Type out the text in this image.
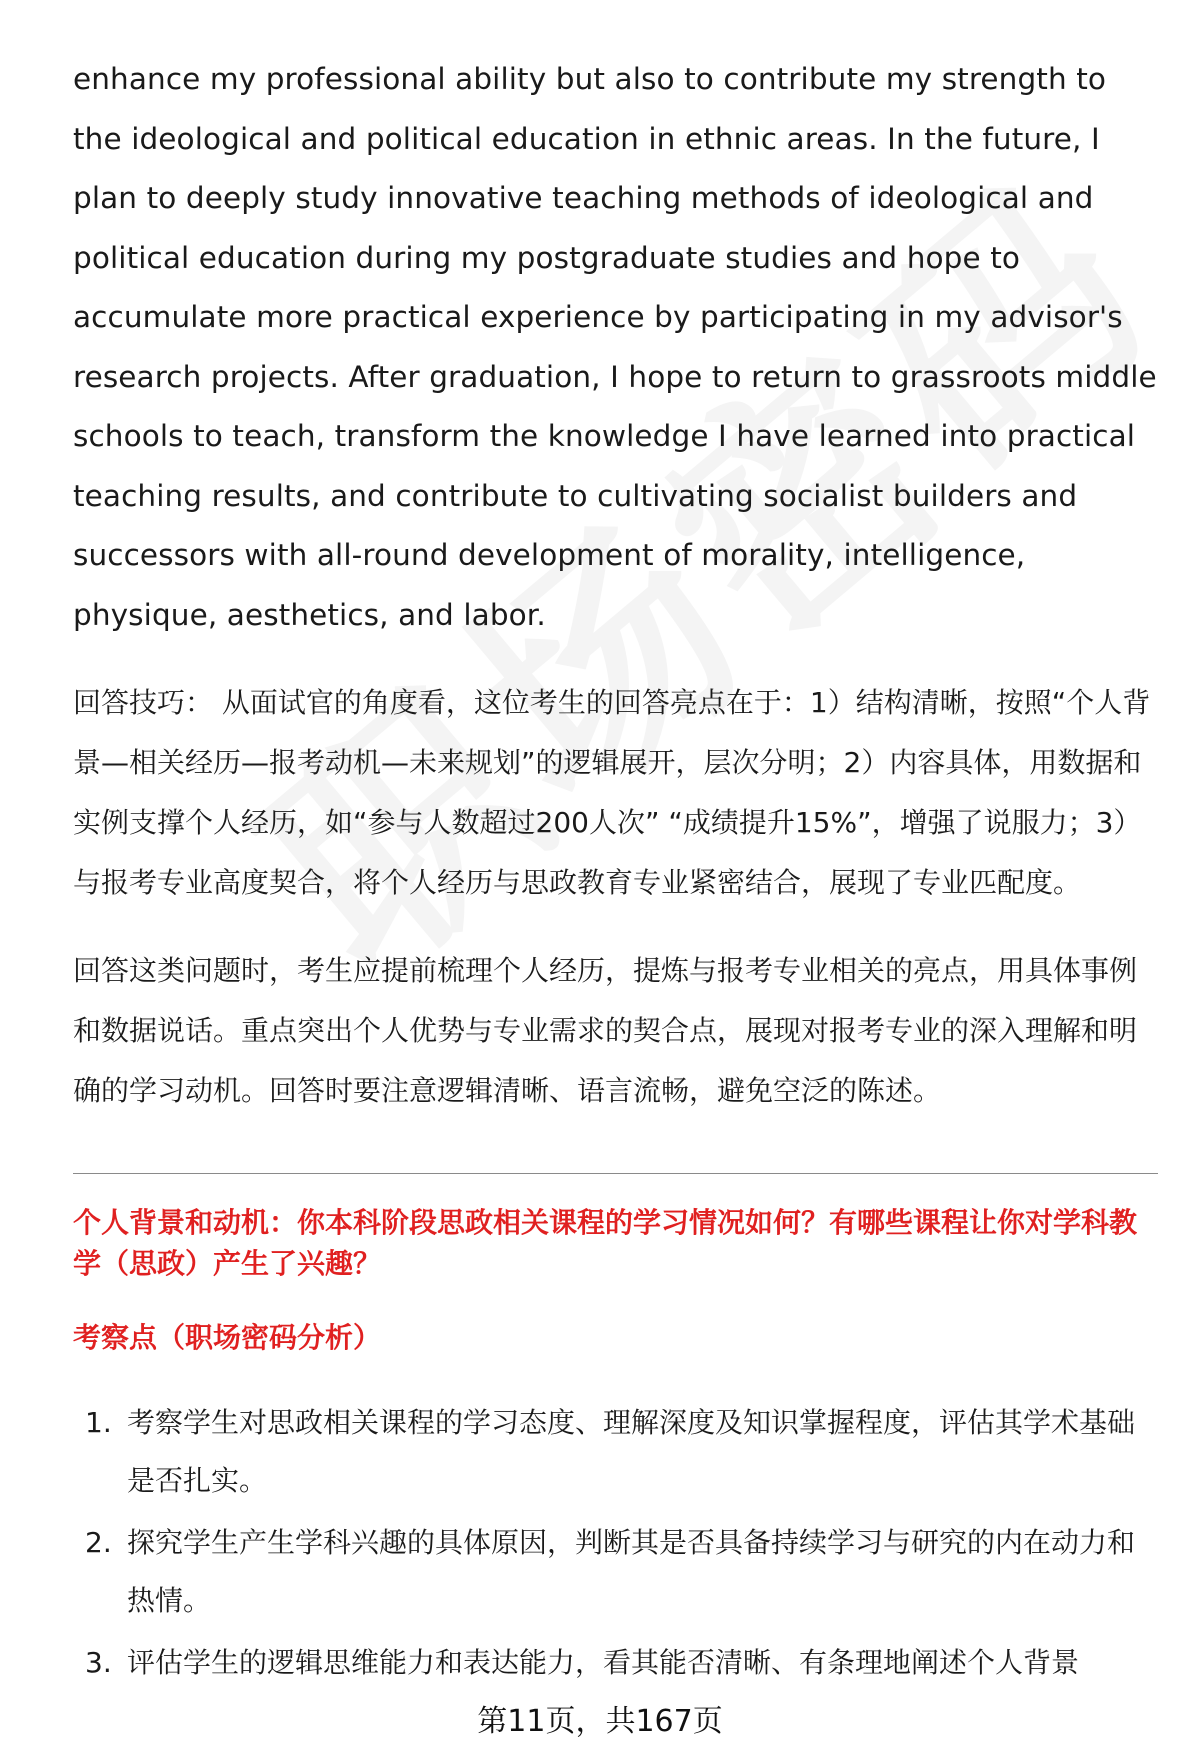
enhance my professional ability but also to contribute my strength to the ideological and political education in ethnic areas. In the future, I plan to deeply study innovative teaching methods of ideological and political education during my postgraduate studies and hope to accumulate more practical experience by participating in my advisor's research projects. After graduation, I hope to return to grassroots middle schools to teach, transform the knowledge I have learned into practical teaching results, and contribute to cultivating socialist builders and successors with all-round development of morality, intelligence, physique, aesthetics, and labor.

回答技巧： 从面试官的角度看，这位考生的回答亮点在于：1）结构清晰，按照“个人背景—相关经历—报考动机—未来规划”的逻辑展开，层次分明；2）内容具体，用数据和实例支撑个人经历，如“参与人数超过200人次” “成绩提升15%”，增强了说服力；3）与报考专业高度契合，将个人经历与思政教育专业紧密结合，展现了专业匹配度。

回答这类问题时，考生应提前梳理个人经历，提炼与报考专业相关的亮点，用具体事例和数据说话。重点突出个人优势与专业需求的契合点，展现对报考专业的深入理解和明确的学习动机。回答时要注意逻辑清晰、语言流畅，避免空泛的陈述。

个人背景和动机：你本科阶段思政相关课程的学习情况如何？有哪些课程让你对学科教学（思政）产生了兴趣？

考察点（职场密码分析）

1. 考察学生对思政相关课程的学习态度、理解深度及知识掌握程度，评估其学术基础是否扎实。
2. 探究学生产生学科兴趣的具体原因，判断其是否具备持续学习与研究的内在动力和热情。
3. 评估学生的逻辑思维能力和表达能力，看其能否清晰、有条理地阐述个人背景
第11页，共167页
